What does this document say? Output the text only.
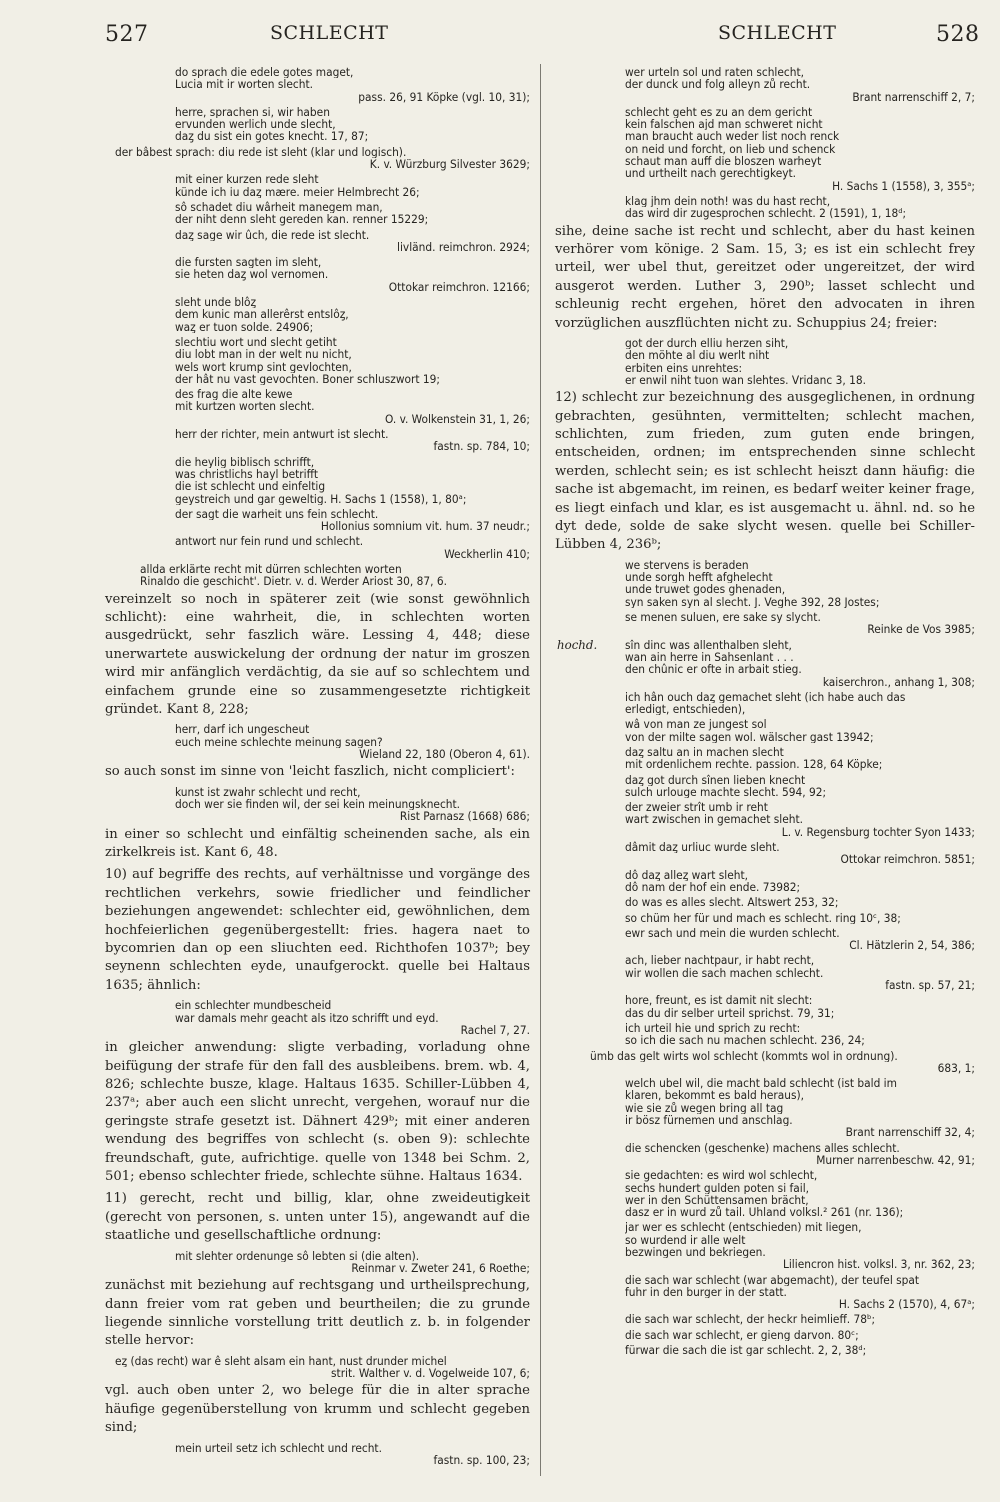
527	SCHLECHT	SCHLECHT	528
do sprach die edele gotes maget,
Lucia mit ir worten slecht.
pass. 26, 91 Köpke (vgl. 10, 31);
herre, sprachen si, wir haben
ervunden werlich unde slecht,
daȥ du sist ein gotes knecht. 17, 87;
der bâbest sprach: diu rede ist sleht (klar und logisch).
K. v. Würzburg Silvester 3629;
mit einer kurzen rede sleht
künde ich iu daȥ mære. meier Helmbrecht 26;
sô schadet diu wârheit manegem man,
der niht denn sleht gereden kan. renner 15229;
daȥ sage wir ûch, die rede ist slecht.
livländ. reimchron. 2924;
die fursten sagten im sleht,
sie heten daȥ wol vernomen.
Ottokar reimchron. 12166;
sleht unde blôȥ
dem kunic man allerêrst entslôȥ,
waȥ er tuon solde. 24906;
slechtiu wort und slecht getiht
diu lobt man in der welt nu nicht,
wels wort krump sint gevlochten,
der hât nu vast gevochten. Boner schluszwort 19;
des frag die alte kewe
mit kurtzen worten slecht.
O. v. Wolkenstein 31, 1, 26;
herr der richter, mein antwurt ist slecht.
fastn. sp. 784, 10;
die heylig biblisch schrifft,
was christlichs hayl betrifft
die ist schlecht und einfeltig
geystreich und gar geweltig. H. Sachs 1 (1558), 1, 80ᵃ;
der sagt die warheit uns fein schlecht.
Hollonius somnium vit. hum. 37 neudr.;
antwort nur fein rund und schlecht.
Weckherlin 410;
allda erklärte recht mit dürren schlechten worten
Rinaldo die geschicht'. Dietr. v. d. Werder Ariost 30, 87, 6.

vereinzelt so noch in späterer zeit (wie sonst gewöhnlich schlicht): eine wahrheit, die, in schlechten worten ausgedrückt, sehr faszlich wäre. Lessing 4, 448; diese unerwartete auswickelung der ordnung der natur im groszen wird mir anfänglich verdächtig, da sie auf so schlechtem und einfachem grunde eine so zusammengesetzte richtigkeit gründet. Kant 8, 228;

herr, darf ich ungescheut
euch meine schlechte meinung sagen?
Wieland 22, 180 (Oberon 4, 61).

so auch sonst im sinne von 'leicht faszlich, nicht compliciert':

kunst ist zwahr schlecht und recht,
doch wer sie finden wil, der sei kein meinungsknecht.
Rist Parnasz (1668) 686;

in einer so schlecht und einfältig scheinenden sache, als ein zirkelkreis ist. Kant 6, 48.

10) auf begriffe des rechts, auf verhältnisse und vorgänge des rechtlichen verkehrs, sowie friedlicher und feindlicher beziehungen angewendet: schlechter eid, gewöhnlichen, dem hochfeierlichen gegenübergestellt: fries. hagera naet to bycomrien dan op een sliuchten eed. Richthofen 1037ᵇ; bey seynenn schlechten eyde, unaufgerockt. quelle bei Haltaus 1635; ähnlich:

ein schlechter mundbescheid
war damals mehr geacht als itzo schrifft und eyd.
Rachel 7, 27.

in gleicher anwendung: sligte verbading, vorladung ohne beifügung der strafe für den fall des ausbleibens. brem. wb. 4, 826; schlechte busze, klage. Haltaus 1635. Schiller-Lübben 4, 237ᵃ; aber auch een slicht unrecht, vergehen, worauf nur die geringste strafe gesetzt ist. Dähnert 429ᵇ; mit einer anderen wendung des begriffes von schlecht (s. oben 9): schlechte freundschaft, gute, aufrichtige. quelle von 1348 bei Schm. 2, 501; ebenso schlechter friede, schlechte sühne. Haltaus 1634.

11) gerecht, recht und billig, klar, ohne zweideutigkeit (gerecht von personen, s. unten unter 15), angewandt auf die staatliche und gesellschaftliche ordnung:

mit slehter ordenunge sô lebten si (die alten).
Reinmar v. Zweter 241, 6 Roethe;

zunächst mit beziehung auf rechtsgang und urtheilsprechung, dann freier vom rat geben und beurtheilen; die zu grunde liegende sinnliche vorstellung tritt deutlich z. b. in folgender stelle hervor:

eȥ (das recht) war ê sleht alsam ein hant, nust drunder michel
strit. Walther v. d. Vogelweide 107, 6;

vgl. auch oben unter 2, wo belege für die in alter sprache häufige gegenüberstellung von krumm und schlecht gegeben sind;

mein urteil setz ich schlecht und recht.
fastn. sp. 100, 23;
wer urteln sol und raten schlecht,
der dunck und folg alleyn zů recht.
Brant narrenschiff 2, 7;
schlecht geht es zu an dem gericht
kein falschen ajd man schweret nicht
man braucht auch weder list noch renck
on neid und forcht, on lieb und schenck
schaut man auff die bloszen warheyt
und urtheilt nach gerechtigkeyt.
H. Sachs 1 (1558), 3, 355ᵃ;
klag jhm dein noth! was du hast recht,
das wird dir zugesprochen schlecht. 2 (1591), 1, 18ᵈ;

sihe, deine sache ist recht und schlecht, aber du hast keinen verhörer vom könige. 2 Sam. 15, 3; es ist ein schlecht frey urteil, wer ubel thut, gereitzet oder ungereitzet, der wird ausgerot werden. Luther 3, 290ᵇ; lasset schlecht und schleunig recht ergehen, höret den advocaten in ihren vorzüglichen auszflüchten nicht zu. Schuppius 24; freier:

got der durch elliu herzen siht,
den möhte al diu werlt niht
erbiten eins unrehtes:
er enwil niht tuon wan slehtes. Vridanc 3, 18.

12) schlecht zur bezeichnung des ausgeglichenen, in ordnung gebrachten, gesühnten, vermittelten; schlecht machen, schlichten, zum frieden, zum guten ende bringen, entscheiden, ordnen; im entsprechenden sinne schlecht werden, schlecht sein; es ist schlecht heiszt dann häufig: die sache ist abgemacht, im reinen, es bedarf weiter keiner frage, es liegt einfach und klar, es ist ausgemacht u. ähnl. nd. so he dyt dede, solde de sake slycht wesen. quelle bei Schiller-Lübben 4, 236ᵇ;

we stervens is beraden
unde sorgh hefft afghelecht
unde truwet godes ghenaden,
syn saken syn al slecht. J. Veghe 392, 28 Jostes;
se menen suluen, ere sake sy slycht.
Reinke de Vos 3985;
hochd. sîn dinc was allenthalben sleht,
wan ain herre in Sahsenlant . . .
den chûnic er ofte in arbait stieg.
kaiserchron., anhang 1, 308;
ich hân ouch daȥ gemachet sleht (ich habe auch das
erledigt, entschieden),
wâ von man ze jungest sol
von der milte sagen wol. wälscher gast 13942;
daȥ saltu an in machen slecht
mit ordenlichem rechte. passion. 128, 64 Köpke;
daȥ got durch sînen lieben knecht
sulch urlouge machte slecht. 594, 92;
der zweier strît umb ir reht
wart zwischen in gemachet sleht.
L. v. Regensburg tochter Syon 1433;
dâmit daȥ urliuc wurde sleht.
Ottokar reimchron. 5851;
dô daȥ alleȥ wart sleht,
dô nam der hof ein ende. 73982;
do was es alles slecht. Altswert 253, 32;
so chüm her für und mach es schlecht. ring 10ᶜ, 38;
ewr sach und mein die wurden schlecht.
Cl. Hätzlerin 2, 54, 386;
ach, lieber nachtpaur, ir habt recht,
wir wollen die sach machen schlecht.
fastn. sp. 57, 21;
hore, freunt, es ist damit nit slecht:
das du dir selber urteil sprichst. 79, 31;
ich urteil hie und sprich zu recht:
so ich die sach nu machen schlecht. 236, 24;
ümb das gelt wirts wol schlecht (kommts wol in ordnung).
683, 1;
welch ubel wil, die macht bald schlecht (ist bald im
klaren, bekommt es bald heraus),
wie sie zů wegen bring all tag
ir bösz fürnemen und anschlag.
Brant narrenschiff 32, 4;
die schencken (geschenke) machens alles schlecht.
Murner narrenbeschw. 42, 91;
sie gedachten: es wird wol schlecht,
sechs hundert gulden poten si fail,
wer in den Schüttensamen brächt,
dasz er in wurd zů tail. Uhland volksl.² 261 (nr. 136);
jar wer es schlecht (entschieden) mit liegen,
so wurdend ir alle welt
bezwingen und bekriegen.
Liliencron hist. volksl. 3, nr. 362, 23;
die sach war schlecht (war abgemacht), der teufel spat
fuhr in den burger in der statt.
H. Sachs 2 (1570), 4, 67ᵃ;
die sach war schlecht, der heckr heimlieff. 78ᵇ;
die sach war schlecht, er gieng darvon. 80ᶜ;
fürwar die sach die ist gar schlecht. 2, 2, 38ᵈ;
